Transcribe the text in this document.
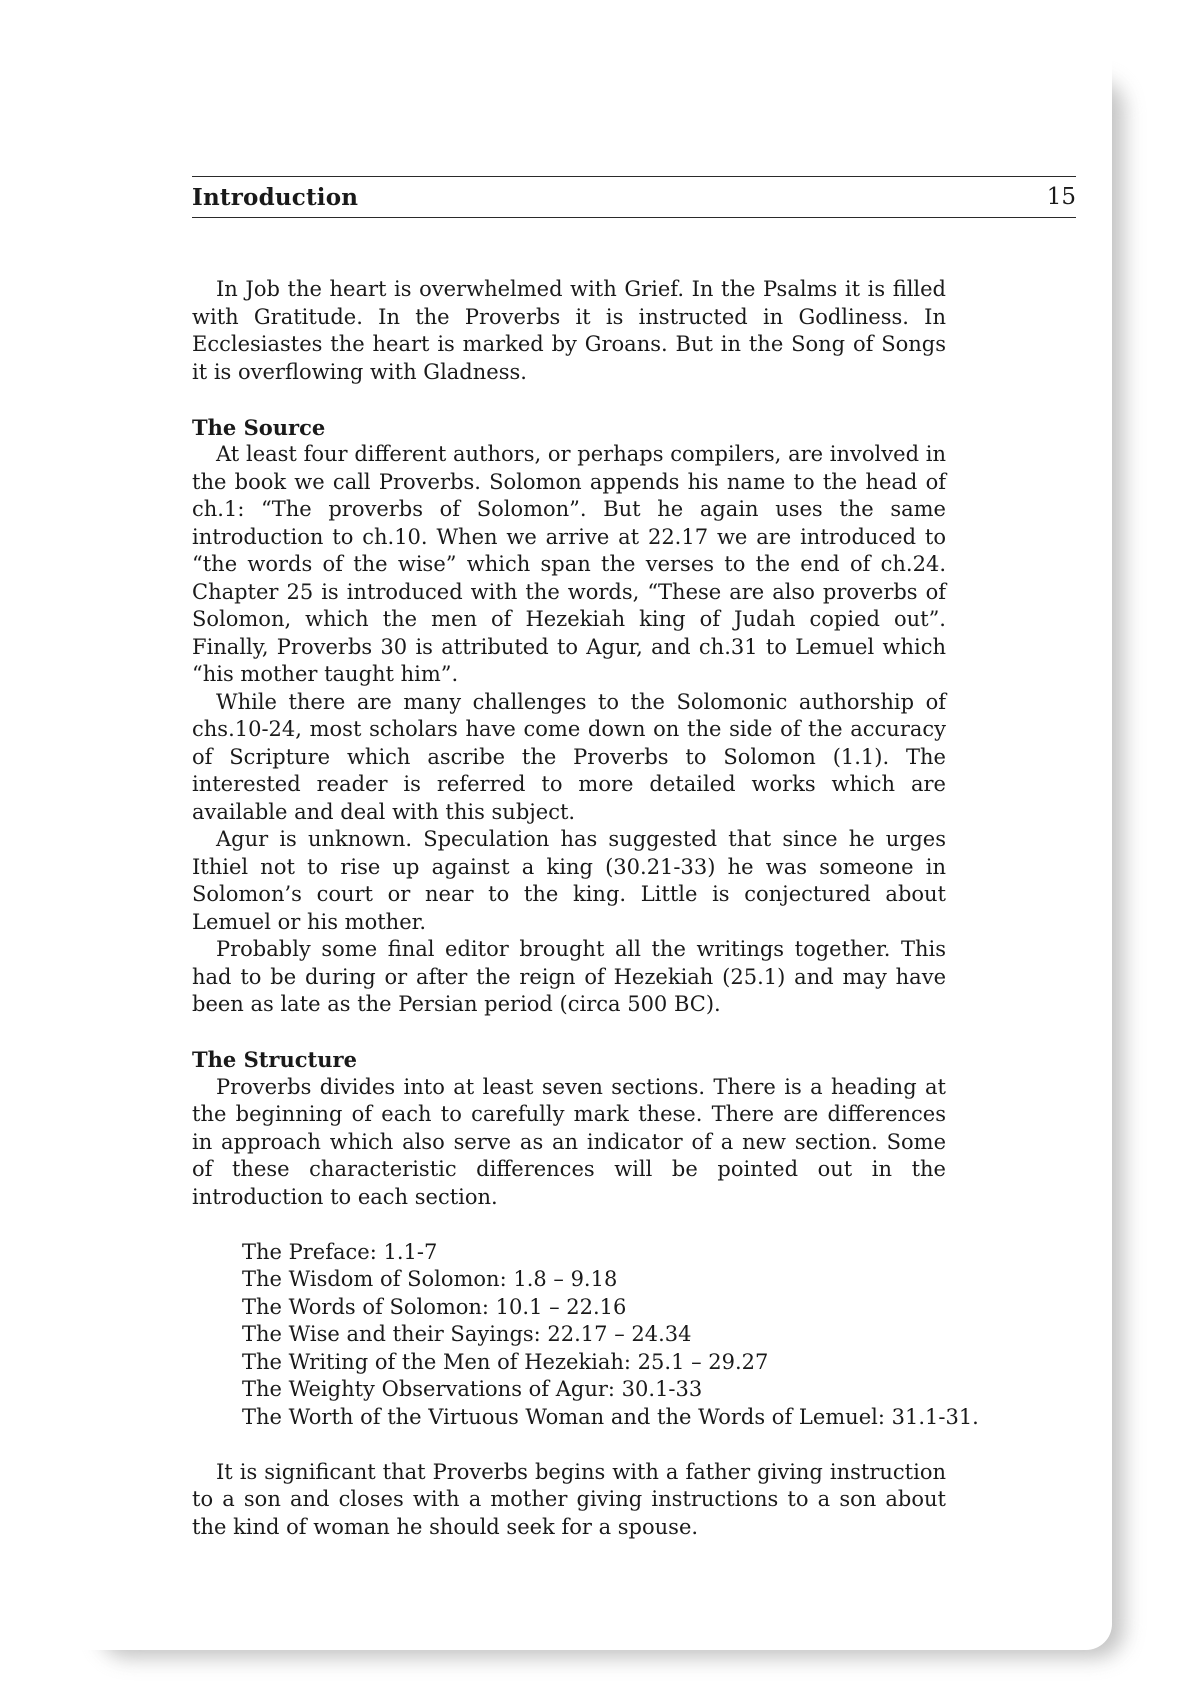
Introduction	15

In Job the heart is overwhelmed with Grief. In the Psalms it is filled with Gratitude. In the Proverbs it is instructed in Godliness. In Ecclesiastes the heart is marked by Groans. But in the Song of Songs it is overflowing with Gladness.

The Source

At least four different authors, or perhaps compilers, are involved in the book we call Proverbs. Solomon appends his name to the head of ch.1: “The proverbs of Solomon”. But he again uses the same introduction to ch.10. When we arrive at 22.17 we are introduced to “the words of the wise” which span the verses to the end of ch.24. Chapter 25 is introduced with the words, “These are also proverbs of Solomon, which the men of Hezekiah king of Judah copied out”. Finally, Proverbs 30 is attributed to Agur, and ch.31 to Lemuel which “his mother taught him”.

While there are many challenges to the Solomonic authorship of chs.10-24, most scholars have come down on the side of the accuracy of Scripture which ascribe the Proverbs to Solomon (1.1). The interested reader is referred to more detailed works which are available and deal with this subject.

Agur is unknown. Speculation has suggested that since he urges Ithiel not to rise up against a king (30.21-33) he was someone in Solomon’s court or near to the king. Little is conjectured about Lemuel or his mother.

Probably some final editor brought all the writings together. This had to be during or after the reign of Hezekiah (25.1) and may have been as late as the Persian period (circa 500 BC).

The Structure

Proverbs divides into at least seven sections. There is a heading at the beginning of each to carefully mark these. There are differences in approach which also serve as an indicator of a new section. Some of these characteristic differences will be pointed out in the introduction to each section.

The Preface: 1.1-7
The Wisdom of Solomon: 1.8 – 9.18
The Words of Solomon: 10.1 – 22.16
The Wise and their Sayings: 22.17 – 24.34
The Writing of the Men of Hezekiah: 25.1 – 29.27
The Weighty Observations of Agur: 30.1-33
The Worth of the Virtuous Woman and the Words of Lemuel: 31.1-31.

It is significant that Proverbs begins with a father giving instruction to a son and closes with a mother giving instructions to a son about the kind of woman he should seek for a spouse.
